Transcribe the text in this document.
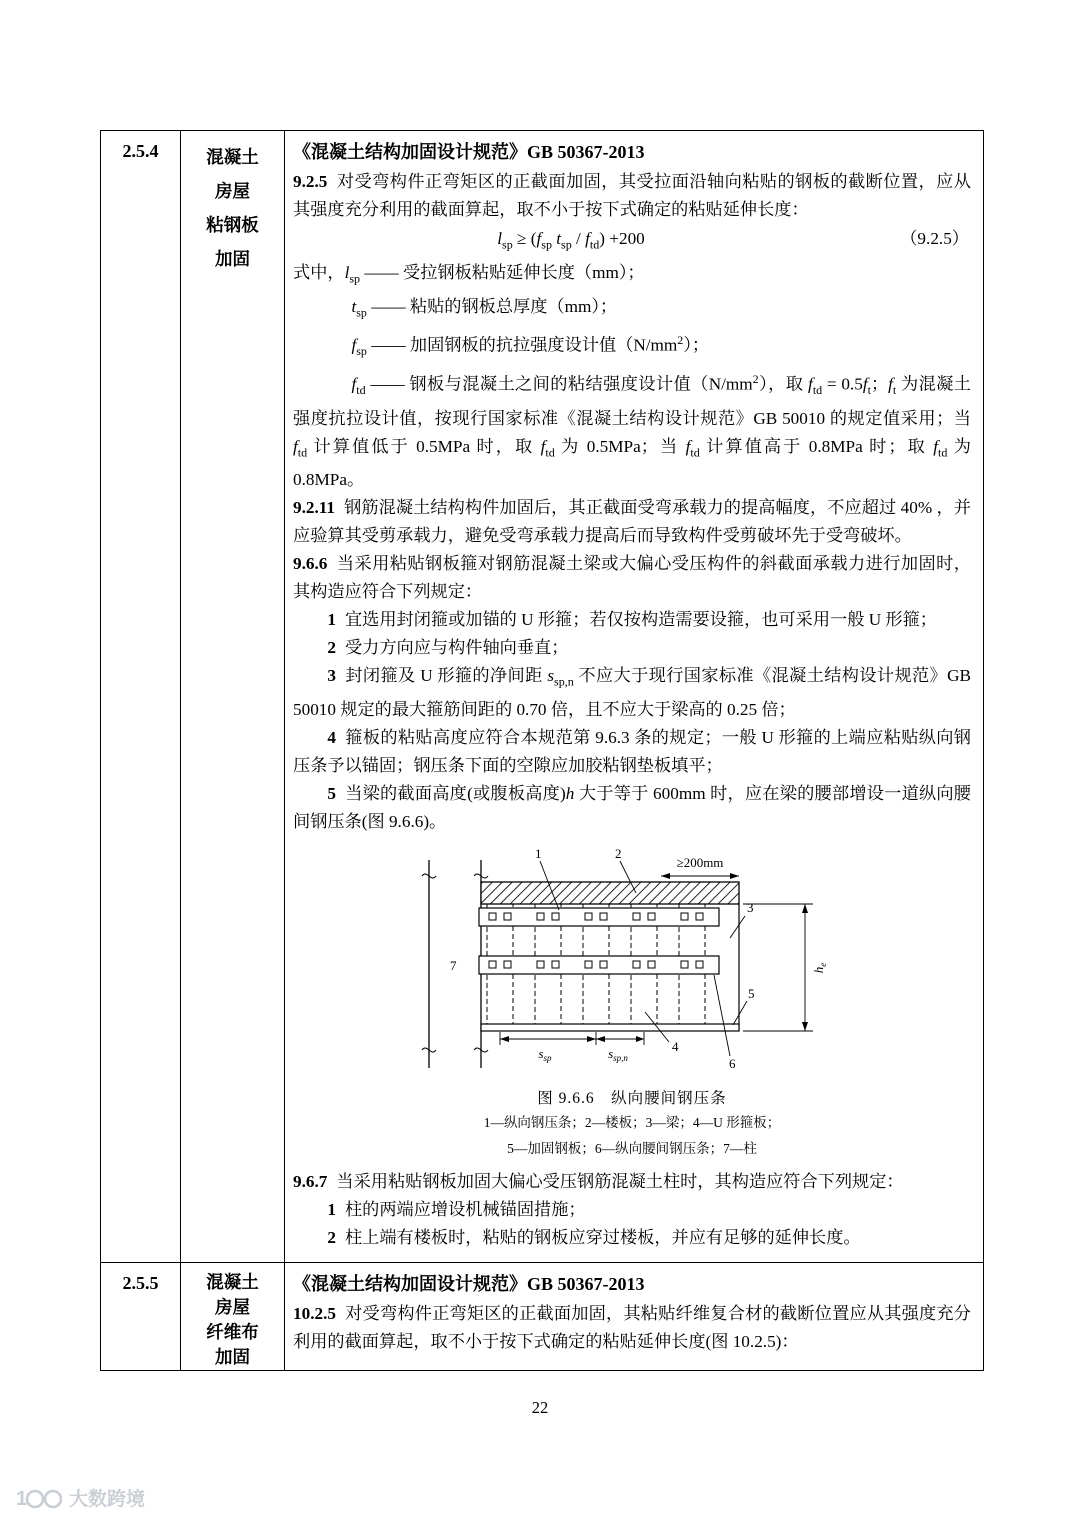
2.5.4	混凝土
房屋
粘钢板
加固

《混凝土结构加固设计规范》GB 50367-2013

9.2.5 对受弯构件正弯矩区的正截面加固，其受拉面沿轴向粘贴的钢板的截断位置，应从其强度充分利用的截面算起，取不小于按下式确定的粘贴延伸长度：

$l_{sp} \ge (f_{sp}$ $t_{sp} / f_{td}) +200$	（9.2.5）

式中，$l_{sp}$ —— 受拉钢板粘贴延伸长度（mm）；

$t_{sp}$ —— 粘贴的钢板总厚度（mm）；

$f_{sp}$ —— 加固钢板的抗拉强度设计值$(N/mm^2)$；

$f_{td}$ —— 钢板与混凝土之间的粘结强度设计值$(N/mm^2)$，取 $f_{td} = 0.5f_t$；$f_t$ 为混凝土强度抗拉设计值，按现行国家标准《混凝土结构设计规范》GB 50010 的规定值采用；当 $f_{td}$ 计算值低于 0.5MPa 时，取 $f_{td}$ 为 0.5MPa；当 $f_{td}$ 计算值高于 0.8MPa 时；取 $f_{td}$ 为 0.8MPa。

9.2.11 钢筋混凝土结构构件加固后，其正截面受弯承载力的提高幅度，不应超过 40% ，并应验算其受剪承载力，避免受弯承载力提高后而导致构件受剪破坏先于受弯破坏。

9.6.6 当采用粘贴钢板箍对钢筋混凝土梁或大偏心受压构件的斜截面承载力进行加固时，其构造应符合下列规定：

1 宜选用封闭箍或加锚的 U 形箍；若仅按构造需要设箍，也可采用一般 U 形箍；

2 受力方向应与构件轴向垂直；

3 封闭箍及 U 形箍的净间距 $s_{sp,n}$ 不应大于现行国家标准《混凝土结构设计规范》GB 50010 规定的最大箍筋间距的 0.70 倍，且不应大于梁高的 0.25 倍；

4 箍板的粘贴高度应符合本规范第 9.6.3 条的规定；一般 U 形箍的上端应粘贴纵向钢压条予以锚固；钢压条下面的空隙应加胶粘钢垫板填平；

5 当梁的截面高度(或腹板高度)h 大于等于 600mm 时，应在梁的腰部增设一道纵向腰间钢压条(图 9.6.6)。

≥200mm
$h_e$
$s_{sp}$	$s_{sp,n}$
1	2
3
4
5
6
7
图 9.6.6　纵向腰间钢压条
1—纵向钢压条；2—楼板；3—梁；4—U 形箍板；
5—加固钢板；6—纵向腰间钢压条；7—柱

9.6.7 当采用粘贴钢板加固大偏心受压钢筋混凝土柱时，其构造应符合下列规定：

1 柱的两端应增设机械锚固措施；

2 柱上端有楼板时，粘贴的钢板应穿过楼板，并应有足够的延伸长度。

2.5.5	混凝土
房屋
纤维布
加固

《混凝土结构加固设计规范》GB 50367-2013

10.2.5 对受弯构件正弯矩区的正截面加固，其粘贴纤维复合材的截断位置应从其强度充分利用的截面算起，取不小于按下式确定的粘贴延伸长度(图 10.2.5)：

22
1 大数跨境
